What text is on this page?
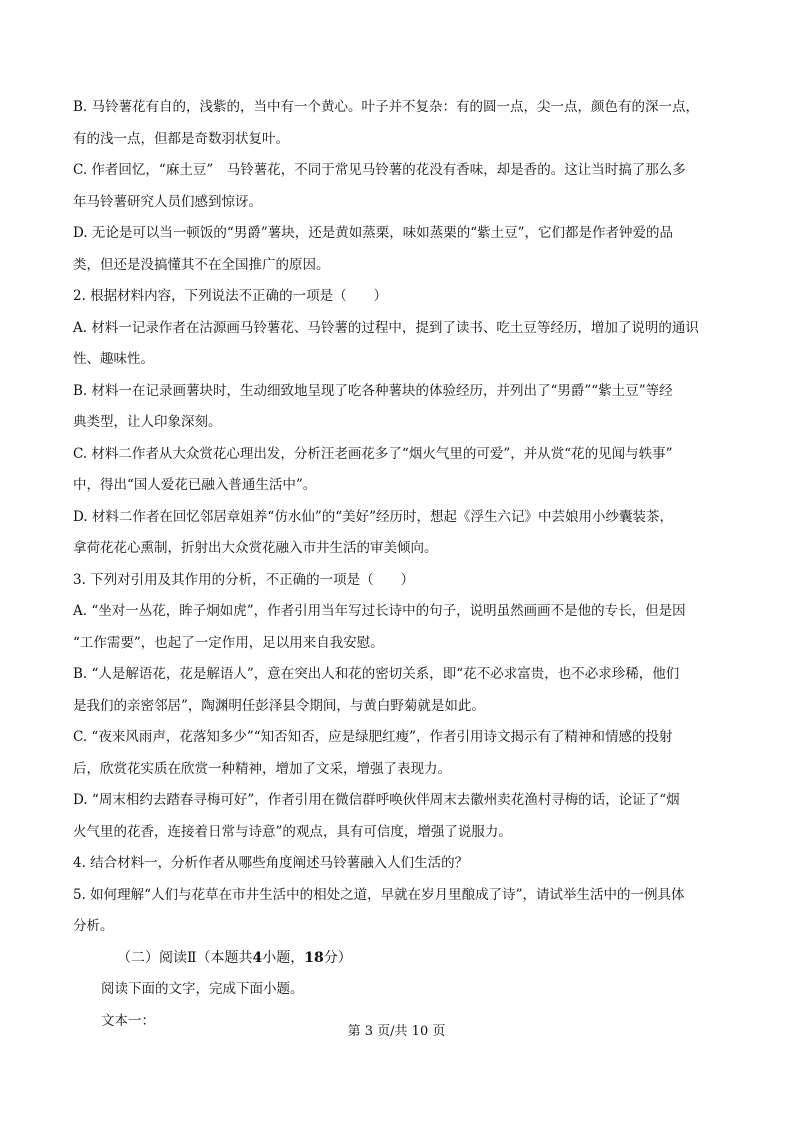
B. 马铃薯花有自的，浅紫的，当中有一个黄心。叶子并不复杂：有的圆一点，尖一点，颜色有的深一点，

有的浅一点，但都是奇数羽状复叶。

C. 作者回忆，“麻土豆”　马铃薯花，不同于常见马铃薯的花没有香味，却是香的。这让当时搞了那么多

年马铃薯研究人员们感到惊讶。

D. 无论是可以当一顿饭的“男爵”薯块，还是黄如蒸栗，味如蒸栗的“紫土豆”，它们都是作者钟爱的品

类，但还是没搞懂其不在全国推广的原因。

2. 根据材料内容，下列说法不正确的一项是（　　）

A. 材料一记录作者在沽源画马铃薯花、马铃薯的过程中，提到了读书、吃土豆等经历，增加了说明的通识

性、趣味性。

B. 材料一在记录画薯块时，生动细致地呈现了吃各种薯块的体验经历，并列出了“男爵”“紫土豆”等经

典类型，让人印象深刻。

C. 材料二作者从大众赏花心理出发，分析汪老画花多了“烟火气里的可爱”，并从赏“花的见闻与轶事”

中，得出“国人爱花已融入普通生活中”。

D. 材料二作者在回忆邻居章姐养“仿水仙”的“美好”经历时，想起《浮生六记》中芸娘用小纱囊装茶，

拿荷花花心熏制，折射出大众赏花融入市井生活的审美倾向。

3. 下列对引用及其作用的分析，不正确的一项是（　　）

A. “坐对一丛花，眸子炯如虎”，作者引用当年写过长诗中的句子，说明虽然画画不是他的专长，但是因

“工作需要”，也起了一定作用，足以用来自我安慰。

B. “人是解语花，花是解语人”，意在突出人和花的密切关系，即“花不必求富贵，也不必求珍稀，他们

是我们的亲密邻居”，陶渊明任彭泽县令期间，与黄白野菊就是如此。

C. “夜来风雨声，花落知多少”“知否知否，应是绿肥红瘦”，作者引用诗文揭示有了精神和情感的投射

后，欣赏花实质在欣赏一种精神，增加了文采，增强了表现力。

D. “周末相约去踏春寻梅可好”，作者引用在微信群呼唤伙伴周末去徽州卖花渔村寻梅的话，论证了“烟

火气里的花香，连接着日常与诗意”的观点，具有可信度，增强了说服力。

4. 结合材料一，分析作者从哪些角度阐述马铃薯融入人们生活的？

5. 如何理解“人们与花草在市井生活中的相处之道，早就在岁月里酿成了诗”，请试举生活中的一例具体

分析。

（二）阅读Ⅱ（本题共4小题，18分）

阅读下面的文字，完成下面小题。

文本一：

第 3 页/共 10 页
